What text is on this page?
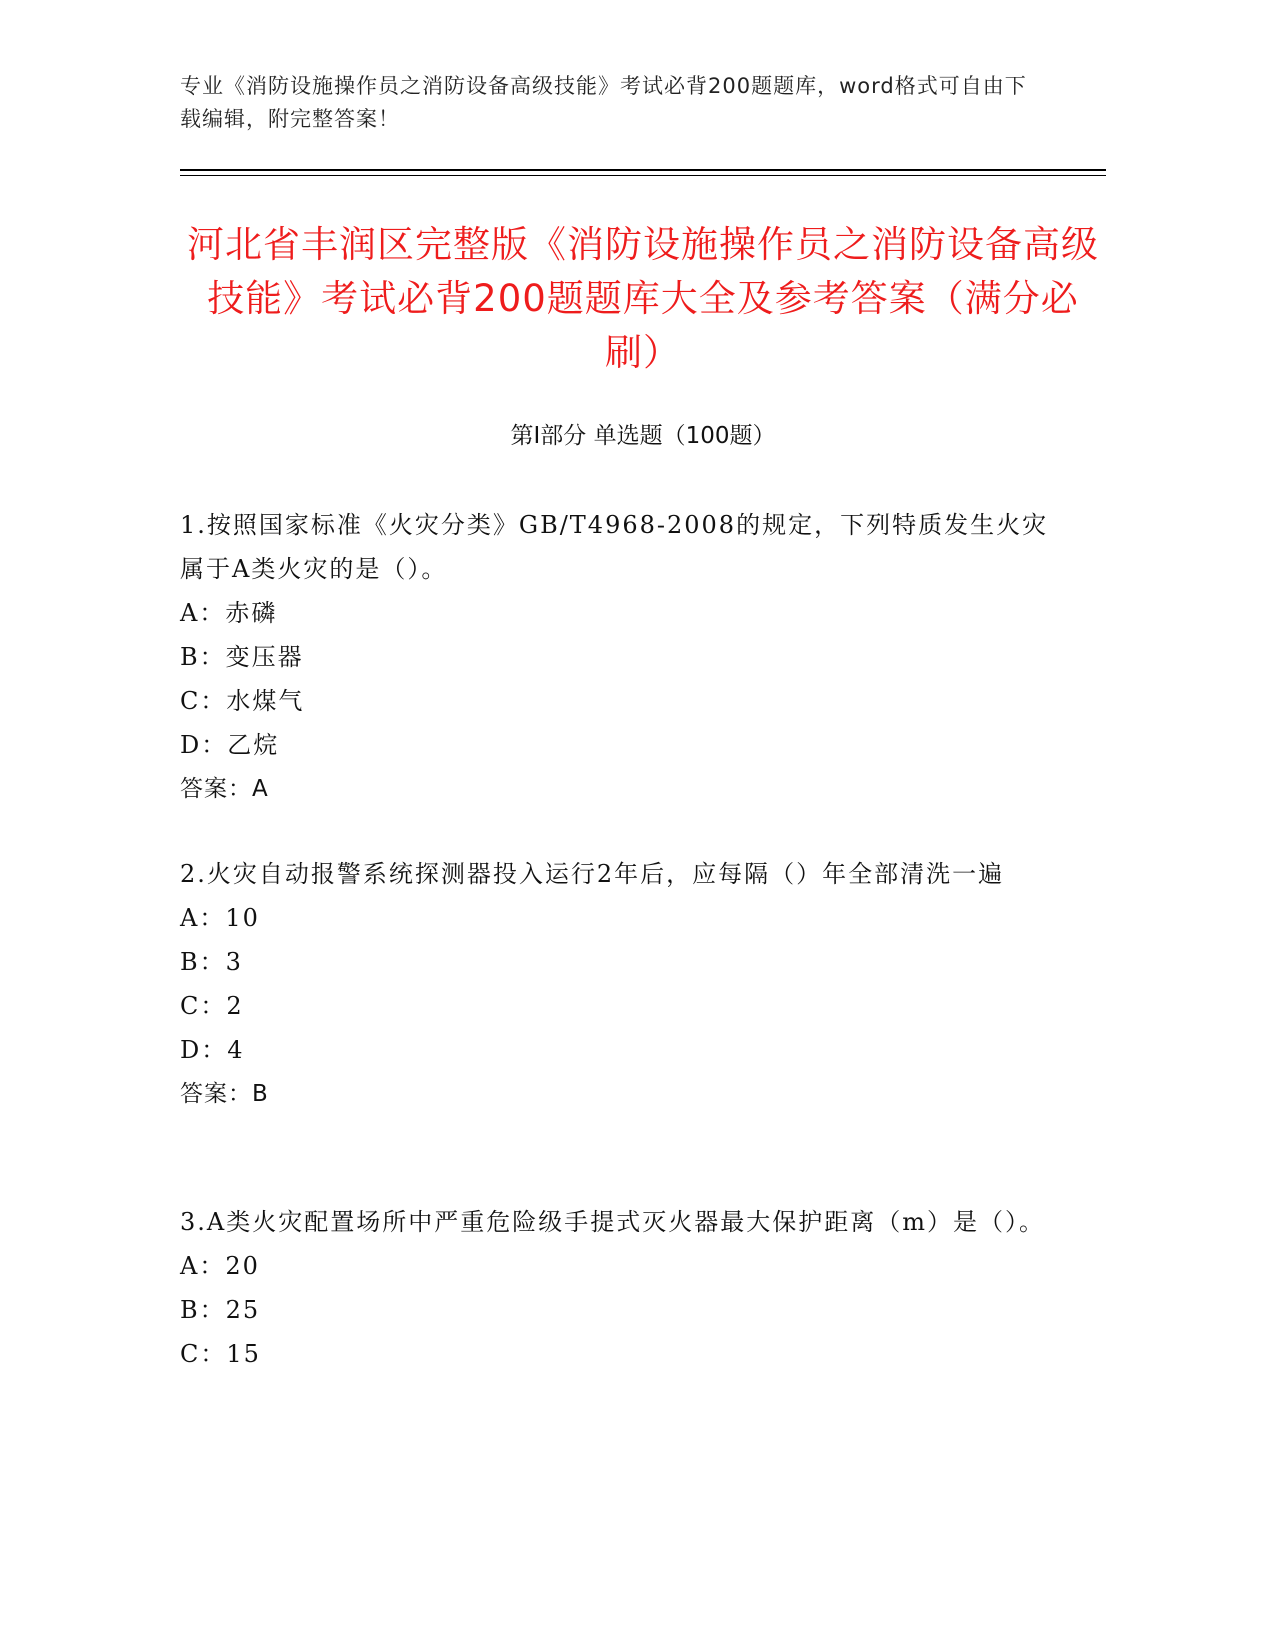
专业《消防设施操作员之消防设备高级技能》考试必背200题题库，word格式可自由下载编辑，附完整答案！
河北省丰润区完整版《消防设施操作员之消防设备高级技能》考试必背200题题库大全及参考答案（满分必刷）
第I部分 单选题（100题）

1.按照国家标准《火灾分类》GB/T4968-2008的规定，下列特质发生火灾属于A类火灾的是（）。

A：赤磷

B：变压器

C：水煤气

D：乙烷

答案：A

2.火灾自动报警系统探测器投入运行2年后，应每隔（）年全部清洗一遍

A：10

B：3

C：2

D：4

答案：B

3.A类火灾配置场所中严重危险级手提式灭火器最大保护距离（m）是（）。

A：20

B：25

C：15
